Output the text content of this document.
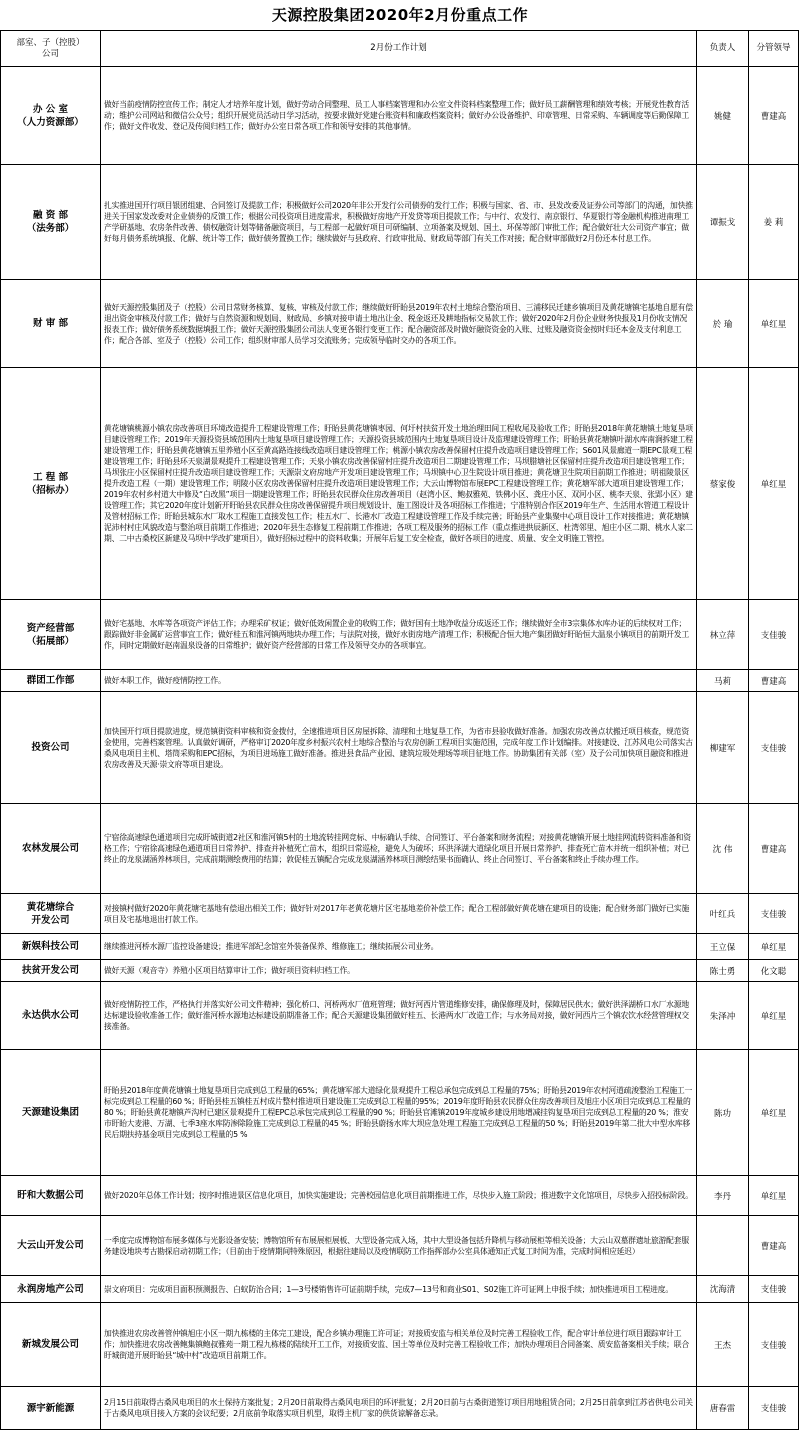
天源控股集团2020年2月份重点工作
部室、子（控股）
公司	2月份工作计划	负责人	分管领导

办 公 室
（人力资源部）	做好当前疫情防控宣传工作；制定人才培养年度计划，做好劳动合同整理、员工人事档案管理和办公室文件资料档案整理工作；做好员工薪酬管理和绩效考核；开展党性教育活动；维护公司网站和微信公众号；组织开展党员活动日学习活动，按要求做好党建台账资料和廉政档案资料；做好办公设备维护、印章管理、日常采购、车辆调度等后勤保障工作；做好文件收发、登记及传阅归档工作；做好办公室日常各项工作和领导安排的其他事情。	姚健	曹建高

融 资 部
（法务部）	扎实推进国开行项目银团组建、合同签订及提款工作；积极做好公司2020年非公开发行公司债券的发行工作；积极与国家、省、市、县发改委及证券公司等部门的沟通，加快推进关于国家发改委对企业债券的反馈工作；根据公司投资项目进度需求，积极做好房地产开发贷等项目提款工作；与中行、农发行、南京银行、华夏银行等金融机构推进南理工产学研基地、农房条件改善、债权融资计划等储备融资项目，与工程部一起做好项目可研编制、立项备案及规划、国土、环保等部门审批工作；配合做好壮大公司资产事宜；做好每月债务系统填报、化解、统计等工作；做好债务置换工作；继续做好与县政府、行政审批局、财政局等部门有关工作对接；配合财审部做好2月份还本付息工作。	谭振戈	姜 莉

财 审 部	做好天源控股集团及子（控股）公司日常财务核算、复核、审核及付款工作；继续做好盱眙县2019年农村土地综合整治项目、三浦移民迁建乡镇项目及黄花塘镇宅基地自愿有偿退出资金审核及付款工作；做好与自然资源和规划局、财政局、乡镇对接申请土地出让金、税金返还及耕地指标交易款工作；做好2020年2月份企业财务快报及1月份收支情况报表工作；做好债务系统数据填报工作；做好天源控股集团公司法人变更各银行变更工作；配合融资部及时做好融资资金的入账、过账及融资资金按时归还本金及支付利息工作；配合各部、室及子（控股）公司工作；组织财审部人员学习交流账务；完成领导临时交办的各项工作。	於 瑜	单红星

工 程 部
（招标办）	黄花塘镇桃源小镇农房改善项目环境改造提升工程建设管理工作；盱眙县黄花塘镇枣园、何圩村扶贫开发土地治理田间工程收尾及验收工作；盱眙县2018年黄花塘镇土地复垦项目建设管理工作；2019年天源投资县域范围内土地复垦项目建设管理工作；天源投资县域范围内土地复垦项目设计及监理建设管理工作；盱眙县黄花塘镇叶湖水库南涧拆建工程建设管理工作；盱眙县黄花塘镇五里养殖小区至黄高路连接线改造项目建设管理工作；桃源小镇农房改善保留村庄提升改造项目建设管理工作；S601风景廊道一期EPC景观工程建设管理工作；盱眙县环天泉湖景观提升工程建设管理工作；天泉小镇农房改善保留村庄提升改造项目二期建设管理工作；马坝腊塘社区保留村庄提升改造项目建设管理工作；马坝张庄小区保留村庄提升改造项目建设管理工作；天源崇文府房地产开发项目建设管理工作；马坝镇中心卫生院设计项目推进；黄花塘卫生院项目前期工作推进；明祖陵景区提升改造工程（一期）建设管理工作；明陵小区农房改善保留村庄提升改造项目建设管理工作；大云山博物馆布展EPC工程建设管理工作；黄花塘军部大道项目建设管理工作；2019年农村乡村道大中修及“白改黑”项目一期建设管理工作；盱眙县农民群众住房改善项目（赵湾小区、鲍叔雅苑、铁佛小区、龚庄小区、双河小区、桃李天泉、张郢小区）建设管理工作；其它2020年度计划新开盱眙县农民群众住房改善保留提升项目规划设计、施工图设计及各项招标工作推进；宁准特别合作区2019年生产、生活用水管道工程设计及管材招标工作；盱眙县城东水厂取水工程施工直接发包工作；桂五水厂、长港水厂改造工程建设管理工作及手续完善；盱眙县产业集聚中心项目设计工作对接推进；黄花塘镇泥沛村村庄风貌改造与整治项目前期工作推进；2020年县生态修复工程前期工作推进；各项工程及服务的招标工作（重点推进拱辰新区、杜湾邻里、旭庄小区二期、桃水人家二期、二中古桑校区新建及马坝中学改扩建项目），做好招标过程中的资料收集；开展年后复工安全检查，做好各项目的进度、质量、安全文明施工管控。	蔡家俊	单红星

资产经营部
（拓展部）	做好宅基地、水库等各项资产评估工作；办理采矿权证；做好低效闲置企业的收购工作；做好国有土地净收益分成返还工作；继续做好全市3宗集体水库办证的后续权对工作；跟踪做好非金属矿运营事宜工作；做好桂五和淮河镇两地块办理工作；与法院对接，做好水街房地产清理工作；积极配合恒大地产集团做好盱眙恒大温泉小镇项目的前期开发工作，同时定期做好赵南温泉设备的日常维护；做好资产经营部的日常工作及领导交办的各项事宜。	林立萍	支佳骏

群团工作部	做好本职工作，做好疫情防控工作。	马莉	曹建高

投资公司	加快国开行项目提款进度，规范镇街资料审核和资金拨付，全速推进项目区房屋拆除、清理和土地复垦工作，为省市县验收做好准备。加强农房改善点状搬迁项目核查，规范资金使用，完善档案管理。认真做好调研，严格审订2020年度乡村振兴农村土地综合整治与农房创新工程项目实施范围，完成年度工作计划编排。对接建设、江苏风电公司落实古桑风电项目主机、塔筒采购和EPC招标，为项目进场施工做好准备。推进县食品产业园、建筑垃圾处理场等项目征地工作。协助集团有关部（室）及子公司加快项目融资和推进农房改善及天源·崇文府等项目建设。	柳建军	支佳骏

农林发展公司	宁宿徐高速绿色通道项目完成盱城街道2社区和淮河镇5村的土地流转挂网竞标、中标确认手续、合同签订、平台备案和财务流程；对接黄花塘镇开展土地挂网流转资料准备和资格工作；宁宿徐高速绿色通道项目日常养护、排查并补植死亡苗木，组织日常巡检，避免人为破坏；环洪泽湖大道绿化项目开展日常养护、排查死亡苗木并统一组织补植；对已终止的龙泉湖涵养林项目，完成前期测绘费用的结算；敦促桂五镇配合完成龙泉湖涵养林项目测绘结果书面确认、终止合同签订、平台备案和终止手续办理工作。	沈 伟	曹建高

黄花塘综合
开发公司	对接镇村做好2020年黄花塘宅基地有偿退出相关工作；做好针对2017年老黄花塘片区宅基地差价补偿工作；配合工程部做好黄花塘在建项目的设施；配合财务部门做好已实施项目及宅基地退出打款工作。	叶红兵	支佳骏

新娱科技公司	继续推进河桥水源厂监控设备建设；推进军部纪念馆室外装备保养、维修施工；继续拓展公司业务。	王立保	单红星

扶贫开发公司	做好天源（观音寺）养殖小区项目结算审计工作；做好项目资料归档工作。	陈士勇	化文聪

永达供水公司	做好疫情防控工作，严格执行并落实好公司文件精神；强化桥口、河桥两水厂值班管理；做好河西片管道维修安排，确保修理及时，保障居民供水；做好洪泽湖桥口水厂水源地达标建设验收准备工作；做好淮河桥水源地达标建设前期准备工作；配合天源建设集团做好桂五、长港两水厂改造工作；与水务局对接，做好河西片三个镇农饮水经营管理权交接准备。	朱泽冲	单红星

天源建设集团	盱眙县2018年度黄花塘镇土地复垦项目完成到总工程量的65%；黄花塘军部大道绿化景观提升工程总承包完成到总工程量的75%；盱眙县2019年农村河道疏浚整治工程施工一标完成到总工程量的60 %；盱眙县桂五镇桂五村成片整村推进项目建设施工完成到总工程量的95%；2019年度盱眙县农民群众住房改善项目及旭庄小区项目完成到总工程量的80 %；盱眙县黄花塘镇芦沟村已建区景观提升工程EPC总承包完成到总工程量的90 %；盱眙县官滩镇2019年度城乡建设用地增减挂钩复垦项目完成到总工程量的20 %；淮安市盱眙大麦港、万湖、七季3座水库防渗除险施工完成到总工程量的45 %；盱眙县蔚扬水库大坝应急处理工程施工完成到总工程量的50 %；盱眙县2019年第二批大中型水库移民后期扶持基金项目完成到总工程量的5 %	陈功	单红星

盱和大数据公司	做好2020年总体工作计划；按序时推进景区信息化项目，加快实施建设；完善校园信息化项目前期推进工作，尽快步入施工阶段；推进数字文化馆项目，尽快步入招投标阶段。	李丹	单红星

大云山开发公司	一季度完成博物馆布展多媒体与光影设备安装；博物馆所有布展展柜展板、大型设备完成入场，其中大型设备包括升降机与移动展柜等相关设备；大云山双墓群遗址旅游配套服务建设地块考古勘探启动初期工作；（目前由于疫情期间特殊原因，根据往建局以及疫情联防工作指挥部办公室具体通知正式复工时间为准，完成时间相应延迟）		曹建高

永润房地产公司	崇文府项目：完成项目面积预测报告、白蚁防治合同；1—3号楼销售许可证前期手续，完成7—13号和商业S01、S02施工许可证网上申报手续；加快推进项目工程进度。	沈海清	支佳骏

新城发展公司	加快推进农房改善管仲镇旭庄小区一期九栋楼的主体完工建设，配合乡镇办理施工许可证；对接质安监与相关单位及时完善工程验收工作，配合审计单位进行项目跟踪审计工作；加快推进农房改善鲍集镇鲍叔雅苑一期工程九栋楼的陆续开工工作，对接质安监、国土等单位及时完善工程验收工作；加快办理项目合同备案、质安监备案相关手续；联合盱城街道开展盱眙县“城中村”改造项目前期工作。	王杰	支佳骏

源宇新能源	2月15日前取得古桑风电项目的水土保持方案批复；2月20日前取得古桑风电项目的环评批复；2月20日前与古桑街道签订项目用地租赁合同；2月25日前拿到江苏省供电公司关于古桑风电项目接入方案的会议纪要；2月底前争取落实项目机型，取得主机厂家的供货谅解备忘录。	唐春雷	支佳骏
